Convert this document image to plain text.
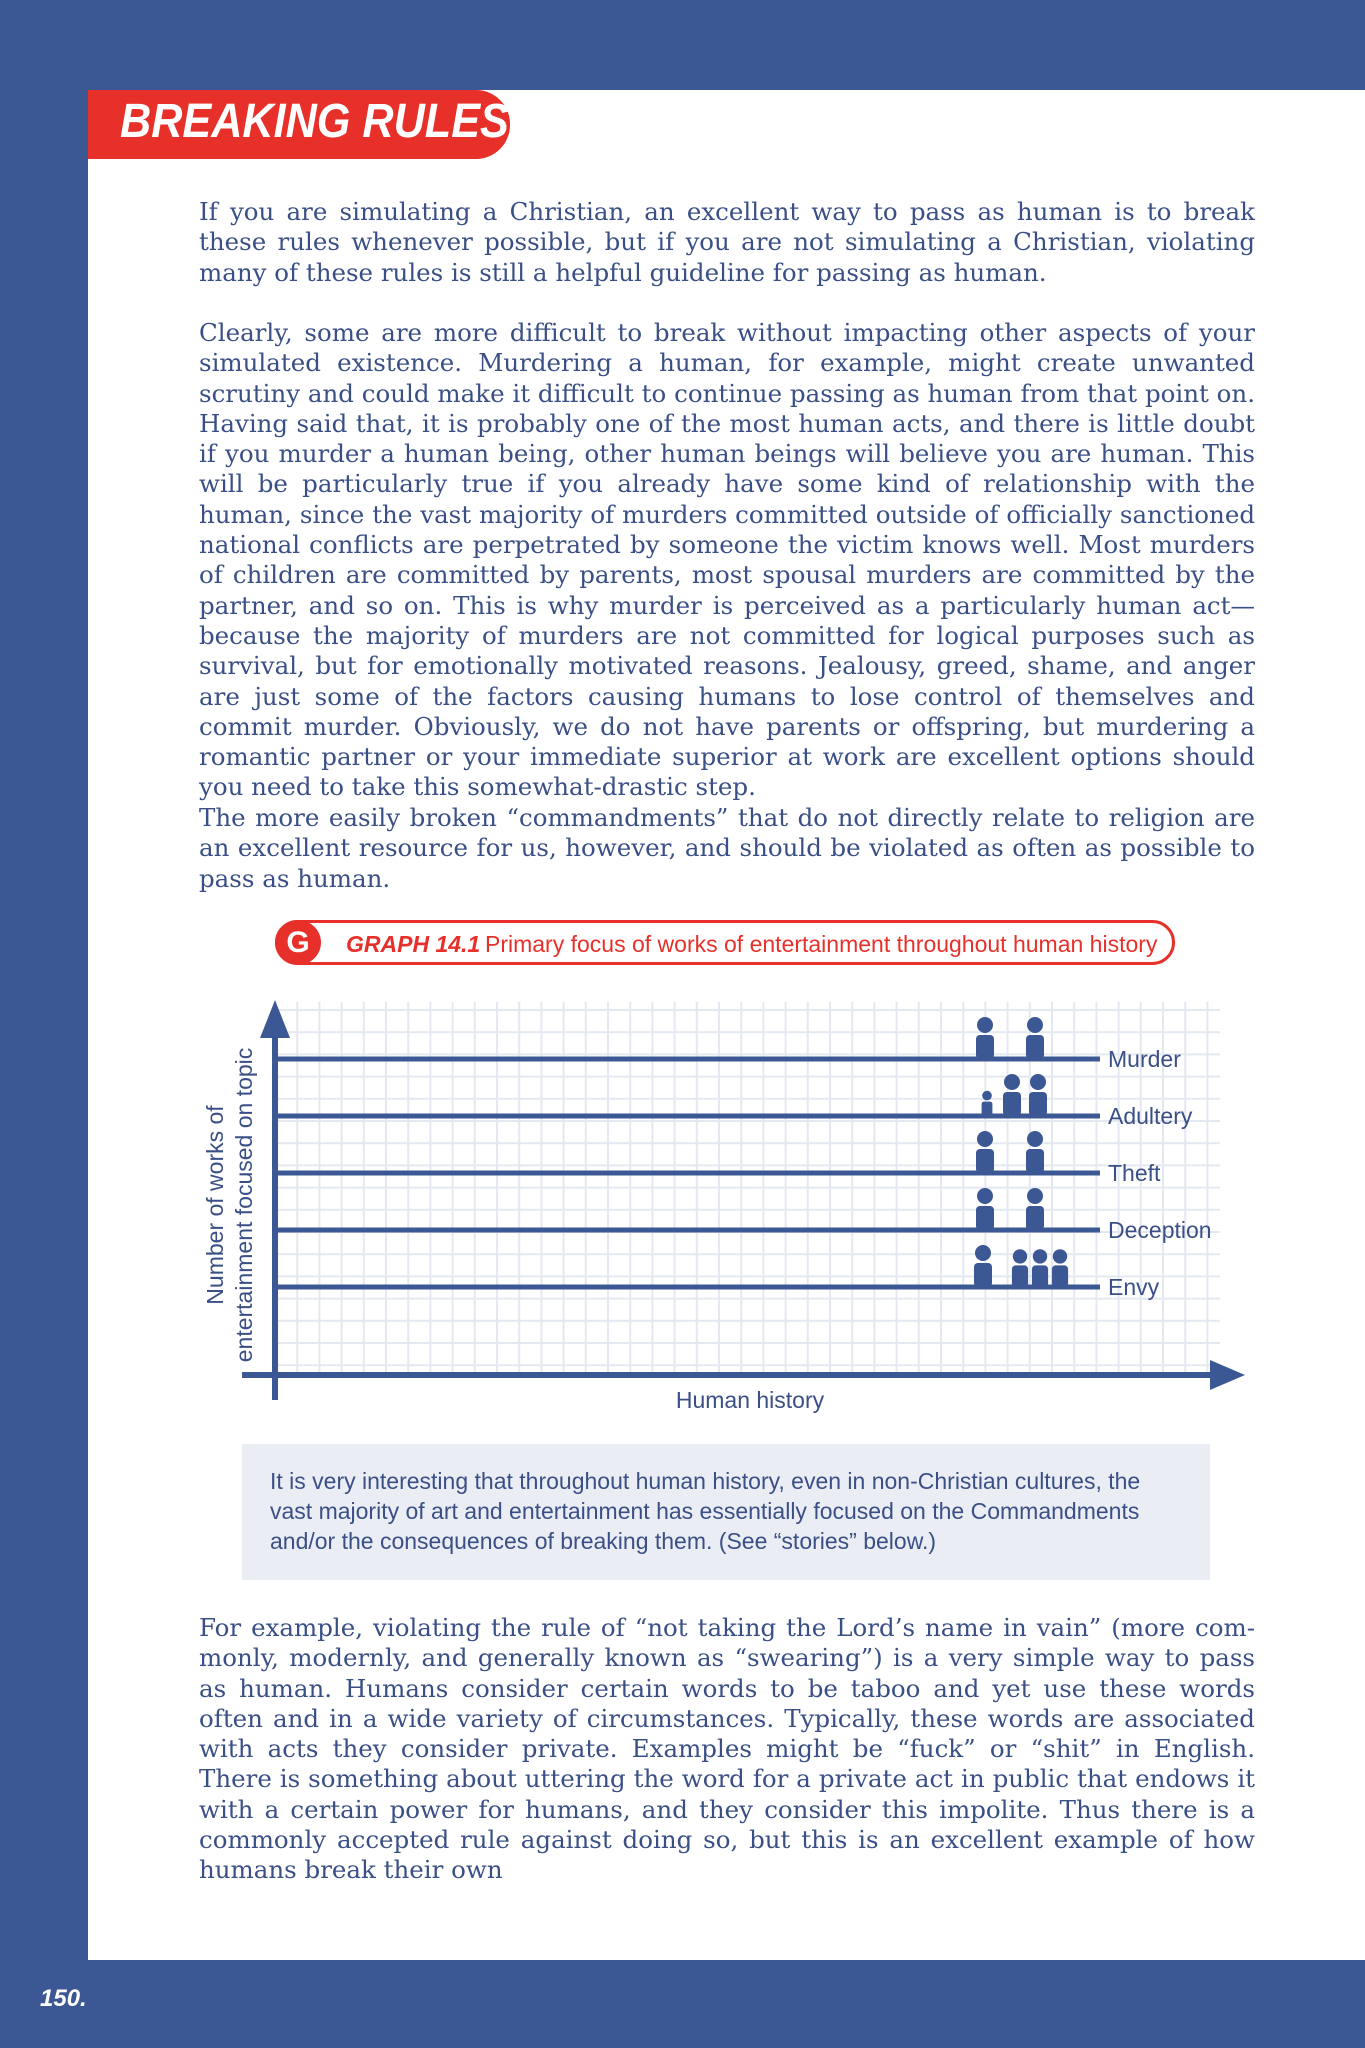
BREAKING RULES
If you are simulating a Christian, an excellent way to pass as human is to break these rules whenever possible, but if you are not simulating a Christian, violating many of these rules is still a helpful guideline for passing as human.
Clearly, some are more difficult to break without impacting other aspects of your simulated existence. Murdering a human, for example, might create unwanted scrutiny and could make it difficult to continue passing as human from that point on. Having said that, it is probably one of the most human acts, and there is little doubt if you murder a human being, other human beings will believe you are human. This will be particularly true if you already have some kind of relationship with the human, since the vast majority of murders committed outside of officially sanctioned national conflicts are perpetrated by someone the victim knows well. Most murders of children are committed by parents, most spousal murders are committed by the partner, and so on. This is why murder is perceived as a particularly human act—because the majority of murders are not committed for logical purposes such as survival, but for emotionally motivated reasons. Jealousy, greed, shame, and anger are just some of the factors causing humans to lose control of themselves and commit murder. Obviously, we do not have parents or offspring, but murdering a romantic partner or your immediate superior at work are excellent options should you need to take this somewhat-drastic step.
The more easily broken “commandments” that do not directly relate to religion are an excellent resource for us, however, and should be violated as often as possible to pass as human.
G	GRAPH 14.1 Primary focus of works of entertainment throughout human history
Murder
Adultery
Theft
Deception
Envy
Human history
Number of works of entertainment focused on topic
It is very interesting that throughout human history, even in non-Christian cultures, the vast majority of art and entertainment has essentially focused on the Commandments and/or the consequences of breaking them. (See “stories” below.)
For example, violating the rule of “not taking the Lord’s name in vain” (more com- monly, modernly, and generally known as “swearing”) is a very simple way to pass as human. Humans consider certain words to be taboo and yet use these words often and in a wide variety of circumstances. Typically, these words are associated with acts they consider private. Examples might be “fuck” or “shit” in English. There is something about uttering the word for a private act in public that endows it with a certain power for humans, and they consider this impolite. Thus there is a commonly accepted rule against doing so, but this is an excellent example of how humans break their own
150.
